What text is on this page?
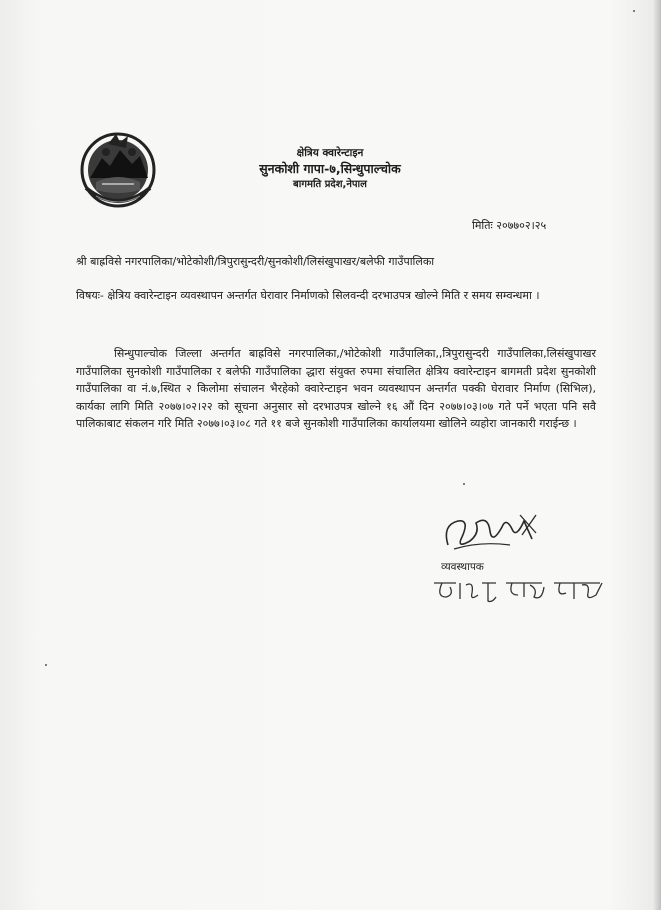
क्षेत्रिय क्वारेन्टाइन
सुनकोशी गापा-७,सिन्धुपाल्चोक
बागमति प्रदेश,नेपाल
मितिः २०७७०२।२५
श्री बाह्रविसे नगरपालिका/भोटेकोशी/त्रिपुरासुन्दरी/सुनकोशी/लिसंखुपाखर/बलेफी गाउँपालिका
विषयः- क्षेत्रिय क्वारेन्टाइन व्यवस्थापन अन्तर्गत घेरावार निर्माणको सिलवन्दी दरभाउपत्र खोल्ने मिति र समय सम्वन्धमा ।
सिन्धुपाल्चोक जिल्ला अन्तर्गत बाह्रविसे नगरपालिका,/भोटेकोशी गाउँपालिका,,त्रिपुरासुन्दरी गाउँपालिका,लिसंखुपाखर गाउँपालिका सुनकोशी गाउँपालिका र बलेफी गाउँपालिका द्धारा संयुक्त रुपमा संचालित क्षेत्रिय क्वारेन्टाइन बागमती प्रदेश सुनकोशी गाउँपालिका वा नं.७,स्थित २ किलोमा संचालन भैरहेको क्वारेन्टाइन भवन व्यवस्थापन अन्तर्गत पक्की घेरावार निर्माण (सिभिल), कार्यका लागि मिति २०७७।०२।२२ को सूचना अनुसार सो दरभाउपत्र खोल्ने १६ औं दिन २०७७।०३।०७ गते पर्ने भएता पनि सवै पालिकाबाट संकलन गरि मिति २०७७।०३।०८ गते ११ बजे सुनकोशी गाउँपालिका कार्यालयमा खोलिने व्यहोरा जानकारी गराईन्छ ।
व्यवस्थापक
